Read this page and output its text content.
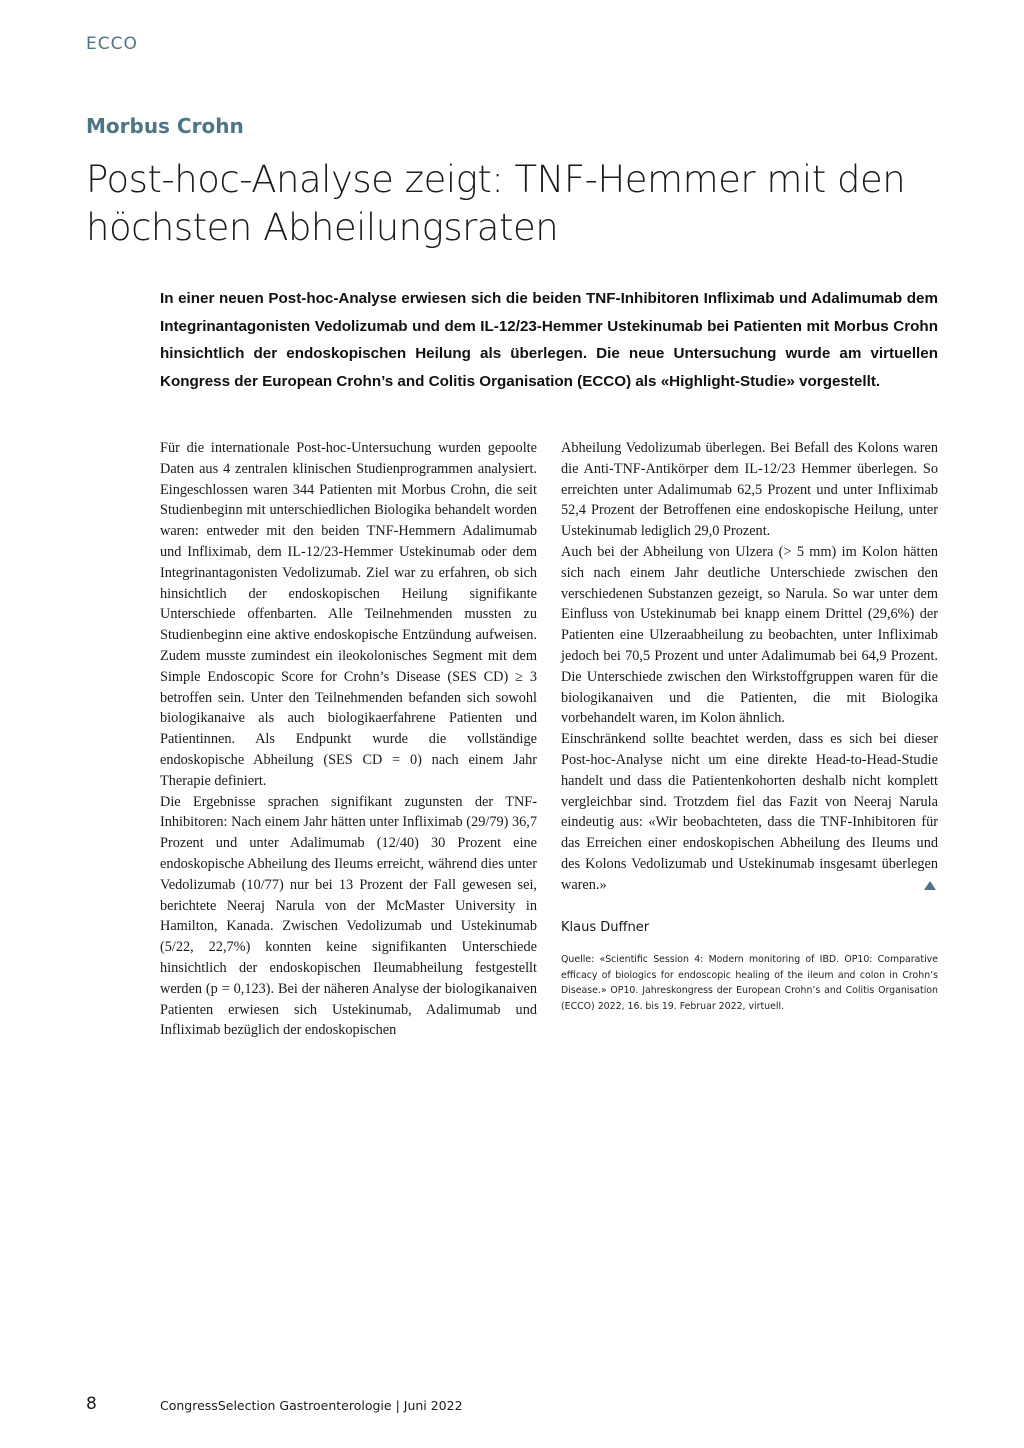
ECCO
Morbus Crohn
Post-hoc-Analyse zeigt: TNF-Hemmer mit den
höchsten Abheilungsraten

In einer neuen Post-hoc-Analyse erwiesen sich die beiden TNF-Inhibitoren Infliximab und Adalimumab dem Integrinantagonisten Vedolizumab und dem IL-12/23-Hemmer Ustekinumab bei Patienten mit Morbus Crohn hinsichtlich der endoskopischen Heilung als überlegen. Die neue Untersuchung wurde am virtuellen Kongress der European Crohn’s and Colitis Organisation (ECCO) als «Highlight-Studie» vorgestellt.

Für die internationale Post-hoc-Untersuchung wurden gepoolte Daten aus 4 zentralen klinischen Studienprogrammen analysiert. Eingeschlossen waren 344 Patienten mit Morbus Crohn, die seit Studienbeginn mit unterschiedlichen Biologika behandelt worden waren: entweder mit den beiden TNF-Hemmern Adalimumab und Infliximab, dem IL-12/23-Hemmer Ustekinumab oder dem Integrinantagonisten Vedolizumab. Ziel war zu erfahren, ob sich hinsichtlich der endoskopischen Heilung signifikante Unterschiede offenbarten. Alle Teilnehmenden mussten zu Studienbeginn eine aktive endoskopische Entzündung aufweisen. Zudem musste zumindest ein ileokolonisches Segment mit dem Simple Endoscopic Score for Crohn’s Disease (SES CD) ≥ 3 betroffen sein. Unter den Teilnehmenden befanden sich sowohl biologikanaive als auch biologikaerfahrene Patienten und Patientinnen. Als Endpunkt wurde die vollständige endoskopische Abheilung (SES CD = 0) nach einem Jahr Therapie definiert.

Die Ergebnisse sprachen signifikant zugunsten der TNF-Inhibitoren: Nach einem Jahr hätten unter Infliximab (29/79) 36,7 Prozent und unter Adalimumab (12/40) 30 Prozent eine endoskopische Abheilung des Ileums erreicht, während dies unter Vedolizumab (10/77) nur bei 13 Prozent der Fall gewesen sei, berichtete Neeraj Narula von der McMaster University in Hamilton, Kanada. Zwischen Vedolizumab und Ustekinumab (5/22, 22,7%) konnten keine signifikanten Unterschiede hinsichtlich der endoskopischen Ileumabheilung festgestellt werden (p = 0,123). Bei der näheren Analyse der biologikanaiven Patienten erwiesen sich Ustekinumab, Adalimumab und Infliximab bezüglich der endoskopischen

Abheilung Vedolizumab überlegen. Bei Befall des Kolons waren die Anti-TNF-Antikörper dem IL-12/23 Hemmer überlegen. So erreichten unter Adalimumab 62,5 Prozent und unter Infliximab 52,4 Prozent der Betroffenen eine endoskopische Heilung, unter Ustekinumab lediglich 29,0 Prozent.

Auch bei der Abheilung von Ulzera (> 5 mm) im Kolon hätten sich nach einem Jahr deutliche Unterschiede zwischen den verschiedenen Substanzen gezeigt, so Narula. So war unter dem Einfluss von Ustekinumab bei knapp einem Drittel (29,6%) der Patienten eine Ulzeraabheilung zu beobachten, unter Infliximab jedoch bei 70,5 Prozent und unter Adalimumab bei 64,9 Prozent. Die Unterschiede zwischen den Wirkstoffgruppen waren für die biologikanaiven und die Patienten, die mit Biologika vorbehandelt waren, im Kolon ähnlich.

Einschränkend sollte beachtet werden, dass es sich bei dieser Post-hoc-Analyse nicht um eine direkte Head-to-Head-Studie handelt und dass die Patientenkohorten deshalb nicht komplett vergleichbar sind. Trotzdem fiel das Fazit von Neeraj Narula eindeutig aus: «Wir beobachteten, dass die TNF-Inhibitoren für das Erreichen einer endoskopischen Abheilung des Ileums und des Kolons Vedolizumab und Ustekinumab insgesamt überlegen waren.»

Klaus Duffner
Quelle: «Scientific Session 4: Modern monitoring of IBD. OP10: Comparative efficacy of biologics for endoscopic healing of the ileum and colon in Crohn’s Disease.» OP10. Jahreskongress der European Crohn’s and Colitis Organisation (ECCO) 2022, 16. bis 19. Februar 2022, virtuell.
8	CongressSelection Gastroenterologie | Juni 2022
